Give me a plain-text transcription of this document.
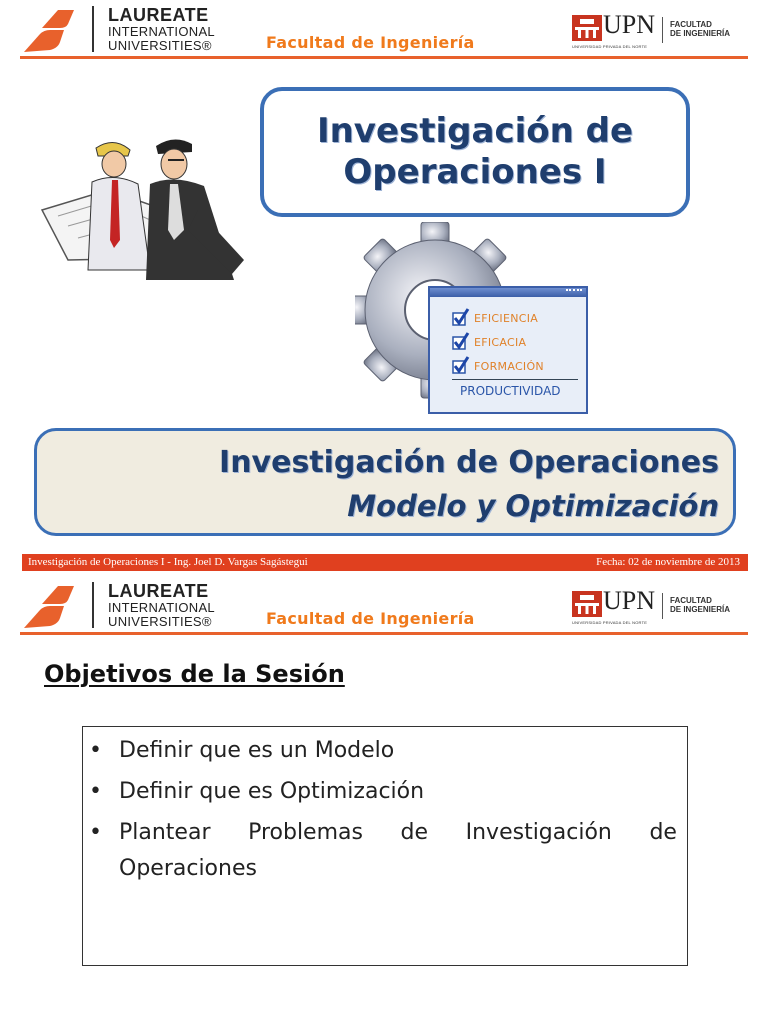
LAUREATE
INTERNATIONAL
UNIVERSITIES®	Facultad de Ingeniería
UPN
UNIVERSIDAD PRIVADA DEL NORTE
FACULTAD
DE INGENIERÍA
Investigación de
Operaciones I
EFICIENCIA
EFICACIA
FORMACIÓN
PRODUCTIVIDAD
Investigación de Operaciones
Modelo y Optimización
Investigación de Operaciones I - Ing. Joel D. Vargas Sagástegui	Fecha: 02 de noviembre de 2013
LAUREATE
INTERNATIONAL
UNIVERSITIES®	Facultad de Ingeniería
UPN
UNIVERSIDAD PRIVADA DEL NORTE
FACULTAD
DE INGENIERÍA
Objetivos de la Sesión
• Definir que es un Modelo
• Definir que es Optimización
• Plantear Problemas de Investigación de
Operaciones
